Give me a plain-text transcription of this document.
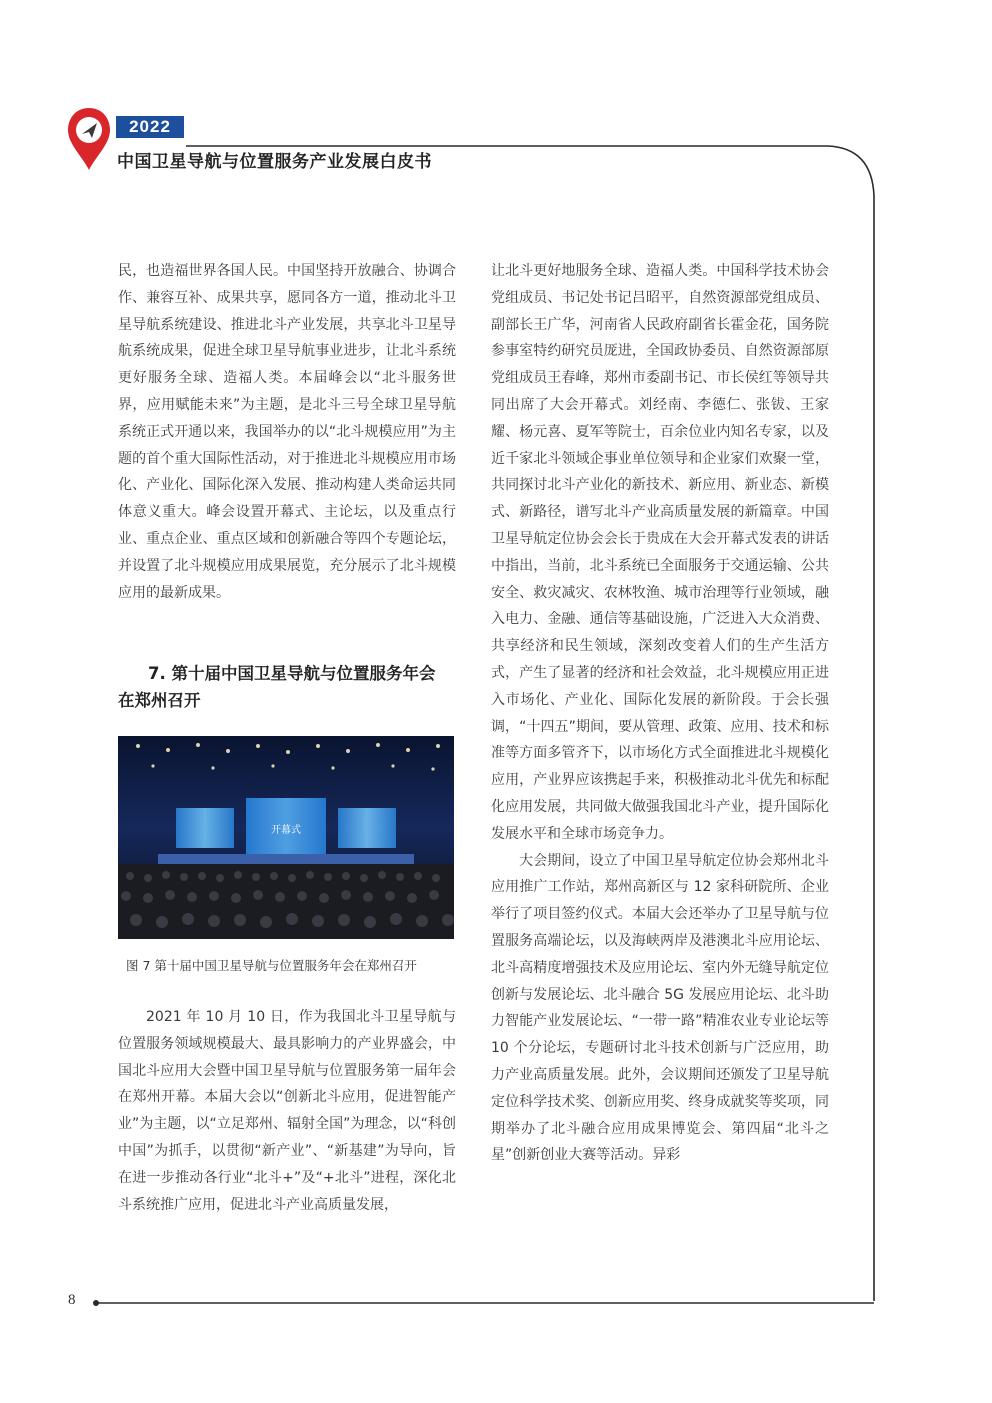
2022
中国卫星导航与位置服务产业发展白皮书

民，也造福世界各国人民。中国坚持开放融合、协调合作、兼容互补、成果共享，愿同各方一道，推动北斗卫星导航系统建设、推进北斗产业发展，共享北斗卫星导航系统成果，促进全球卫星导航事业进步，让北斗系统更好服务全球、造福人类。本届峰会以“北斗服务世界，应用赋能未来”为主题，是北斗三号全球卫星导航系统正式开通以来，我国举办的以“北斗规模应用”为主题的首个重大国际性活动，对于推进北斗规模应用市场化、产业化、国际化深入发展、推动构建人类命运共同体意义重大。峰会设置开幕式、主论坛，以及重点行业、重点企业、重点区域和创新融合等四个专题论坛，并设置了北斗规模应用成果展览，充分展示了北斗规模应用的最新成果。

7. 第十届中国卫星导航与位置服务年会
在郑州召开
开幕式
图 7 第十届中国卫星导航与位置服务年会在郑州召开

2021 年 10 月 10 日，作为我国北斗卫星导航与位置服务领域规模最大、最具影响力的产业界盛会，中国北斗应用大会暨中国卫星导航与位置服务第一届年会在郑州开幕。本届大会以“创新北斗应用，促进智能产业”为主题，以“立足郑州、辐射全国”为理念，以“科创中国”为抓手，以贯彻“新产业”、“新基建”为导向，旨在进一步推动各行业“北斗+”及“+北斗”进程，深化北斗系统推广应用，促进北斗产业高质量发展，

让北斗更好地服务全球、造福人类。中国科学技术协会党组成员、书记处书记吕昭平，自然资源部党组成员、副部长王广华，河南省人民政府副省长霍金花，国务院参事室特约研究员厐进，全国政协委员、自然资源部原党组成员王春峰，郑州市委副书记、市长侯红等领导共同出席了大会开幕式。刘经南、李德仁、张钹、王家耀、杨元喜、夏军等院士，百余位业内知名专家，以及近千家北斗领域企事业单位领导和企业家们欢聚一堂，共同探讨北斗产业化的新技术、新应用、新业态、新模式、新路径，谱写北斗产业高质量发展的新篇章。中国卫星导航定位协会会长于贵成在大会开幕式发表的讲话中指出，当前，北斗系统已全面服务于交通运输、公共安全、救灾减灾、农林牧渔、城市治理等行业领域，融入电力、金融、通信等基础设施，广泛进入大众消费、共享经济和民生领域，深刻改变着人们的生产生活方式，产生了显著的经济和社会效益，北斗规模应用正进入市场化、产业化、国际化发展的新阶段。于会长强调，“十四五”期间，要从管理、政策、应用、技术和标准等方面多管齐下，以市场化方式全面推进北斗规模化应用，产业界应该携起手来，积极推动北斗优先和标配化应用发展，共同做大做强我国北斗产业，提升国际化发展水平和全球市场竞争力。

大会期间，设立了中国卫星导航定位协会郑州北斗应用推广工作站，郑州高新区与 12 家科研院所、企业举行了项目签约仪式。本届大会还举办了卫星导航与位置服务高端论坛，以及海峡两岸及港澳北斗应用论坛、北斗高精度增强技术及应用论坛、室内外无缝导航定位创新与发展论坛、北斗融合 5G 发展应用论坛、北斗助力智能产业发展论坛、“一带一路”精准农业专业论坛等 10 个分论坛，专题研讨北斗技术创新与广泛应用，助力产业高质量发展。此外，会议期间还颁发了卫星导航定位科学技术奖、创新应用奖、终身成就奖等奖项，同期举办了北斗融合应用成果博览会、第四届“北斗之星”创新创业大赛等活动。异彩

8
